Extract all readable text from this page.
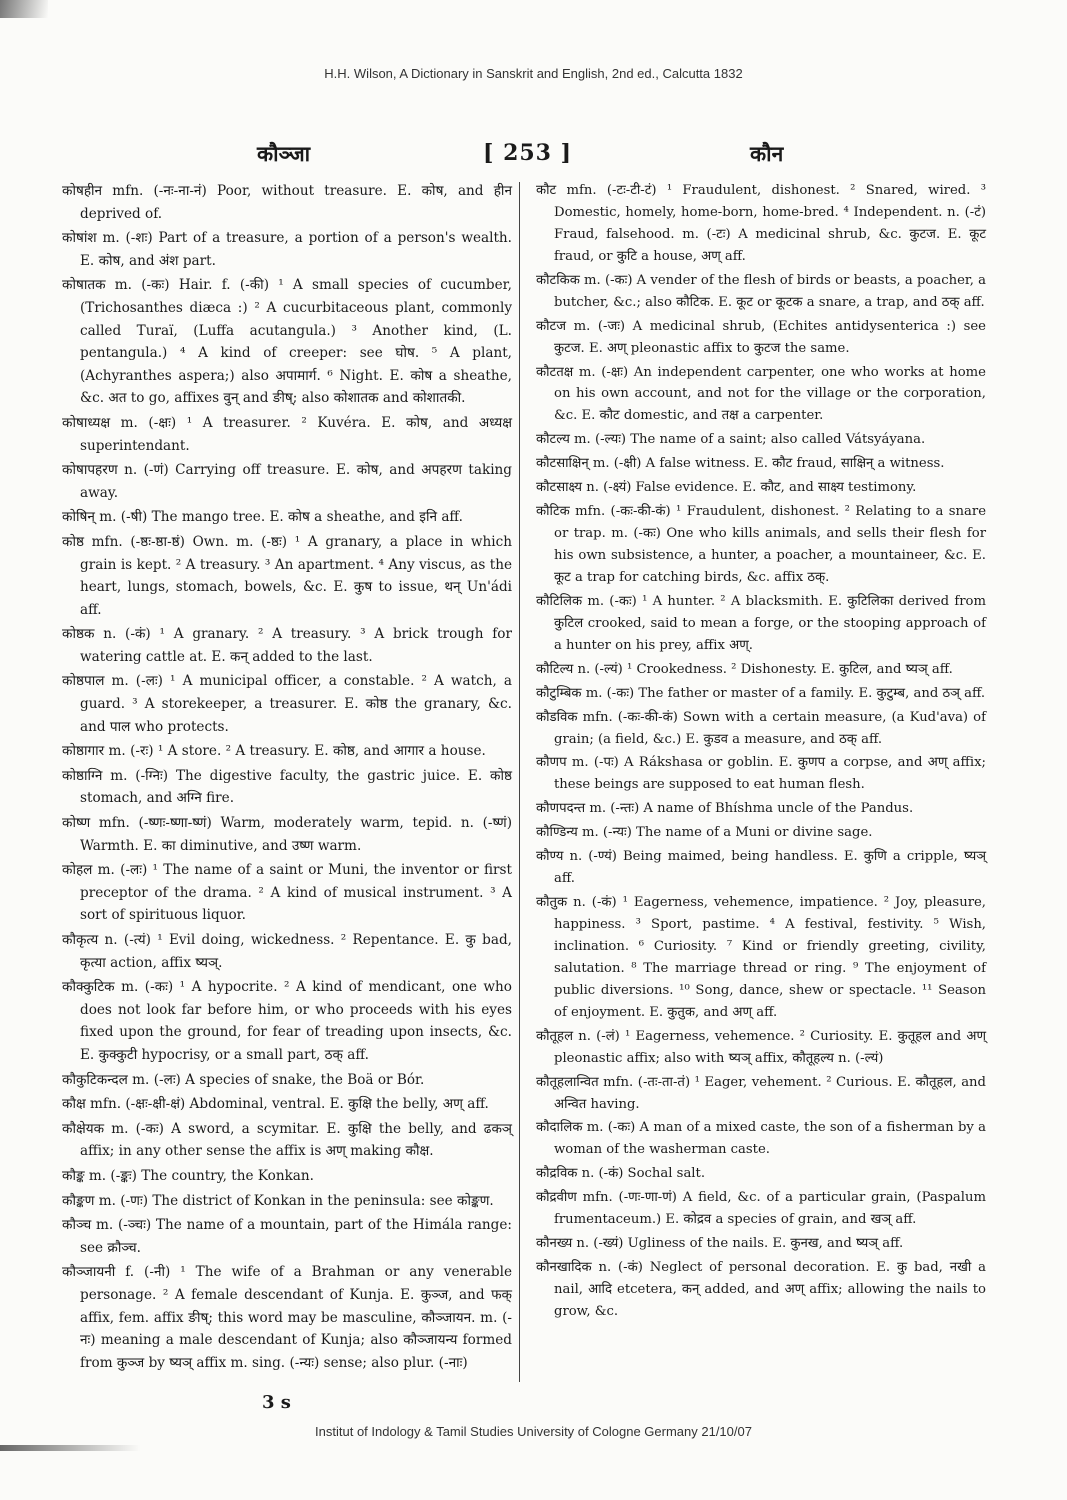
H.H. Wilson, A Dictionary in Sanskrit and English, 2nd ed., Calcutta 1832
कौञ्जा	[ 253 ]	कौन

कोषहीन mfn. (-नः-ना-नं) Poor, without treasure. E. कोष, and हीन deprived of.

कोषांश m. (-शः) Part of a treasure, a portion of a person's wealth. E. कोष, and अंश part.

कोषातक m. (-कः) Hair. f. (-की) ¹ A small species of cucumber, (Trichosanthes diæca :) ² A cucurbitaceous plant, commonly called Turaï, (Luffa acutangula.) ³ Another kind, (L. pentangula.) ⁴ A kind of creeper: see घोष. ⁵ A plant, (Achyranthes aspera;) also अपामार्ग. ⁶ Night. E. कोष a sheathe, &c. अत to go, affixes वुन् and ङीष्; also कोशातक and कोशातकी.

कोषाध्यक्ष m. (-क्षः) ¹ A treasurer. ² Kuvéra. E. कोष, and अध्यक्ष superintendant.

कोषापहरण n. (-णं) Carrying off treasure. E. कोष, and अपहरण taking away.

कोषिन् m. (-षी) The mango tree. E. कोष a sheathe, and इनि aff.

कोष्ठ mfn. (-ष्ठः-ष्ठा-ष्ठं) Own. m. (-ष्ठः) ¹ A granary, a place in which grain is kept. ² A treasury. ³ An apartment. ⁴ Any viscus, as the heart, lungs, stomach, bowels, &c. E. कुष to issue, थन् Un'ádi aff.

कोष्ठक n. (-कं) ¹ A granary. ² A treasury. ³ A brick trough for watering cattle at. E. कन् added to the last.

कोष्ठपाल m. (-लः) ¹ A municipal officer, a constable. ² A watch, a guard. ³ A storekeeper, a treasurer. E. कोष्ठ the granary, &c. and पाल who protects.

कोष्ठागार m. (-रः) ¹ A store. ² A treasury. E. कोष्ठ, and आगार a house.

कोष्ठाग्नि m. (-ग्निः) The digestive faculty, the gastric juice. E. कोष्ठ stomach, and अग्नि fire.

कोष्ण mfn. (-ष्णः-ष्णा-ष्णं) Warm, moderately warm, tepid. n. (-ष्णं) Warmth. E. का diminutive, and उष्ण warm.

कोहल m. (-लः) ¹ The name of a saint or Muni, the inventor or first preceptor of the drama. ² A kind of musical instrument. ³ A sort of spirituous liquor.

कौकृत्य n. (-त्यं) ¹ Evil doing, wickedness. ² Repentance. E. कु bad, कृत्या action, affix ष्यञ्.

कौक्कुटिक m. (-कः) ¹ A hypocrite. ² A kind of mendicant, one who does not look far before him, or who proceeds with his eyes fixed upon the ground, for fear of treading upon insects, &c. E. कुक्कुटी hypocrisy, or a small part, ठक् aff.

कौकुटिकन्दल m. (-लः) A species of snake, the Boä or Bór.

कौक्ष mfn. (-क्षः-क्षी-क्षं) Abdominal, ventral. E. कुक्षि the belly, अण् aff.

कौक्षेयक m. (-कः) A sword, a scymitar. E. कुक्षि the belly, and ढकञ् affix; in any other sense the affix is अण् making कौक्ष.

कौङ्क m. (-ङ्कः) The country, the Konkan.

कौङ्कण m. (-णः) The district of Konkan in the peninsula: see कोङ्कण.

कौञ्च m. (-ञ्चः) The name of a mountain, part of the Himála range: see क्रौञ्च.

कौञ्जायनी f. (-नी) ¹ The wife of a Brahman or any venerable personage. ² A female descendant of Kunja. E. कुञ्ज, and फक् affix, fem. affix ङीष्; this word may be masculine, कौञ्जायन. m. (-नः) meaning a male descendant of Kunja; also कौञ्जायन्य formed from कुञ्ज by ष्यञ् affix m. sing. (-न्यः) sense; also plur. (-नाः)

कौट mfn. (-टः-टी-टं) ¹ Fraudulent, dishonest. ² Snared, wired. ³ Domestic, homely, home-born, home-bred. ⁴ Independent. n. (-टं) Fraud, falsehood. m. (-टः) A medicinal shrub, &c. कुटज. E. कूट fraud, or कुटि a house, अण् aff.

कौटकिक m. (-कः) A vender of the flesh of birds or beasts, a poacher, a butcher, &c.; also कौटिक. E. कूट or कूटक a snare, a trap, and ठक् aff.

कौटज m. (-जः) A medicinal shrub, (Echites antidysenterica :) see कुटज. E. अण् pleonastic affix to कुटज the same.

कौटतक्ष m. (-क्षः) An independent carpenter, one who works at home on his own account, and not for the village or the corporation, &c. E. कौट domestic, and तक्ष a carpenter.

कौटल्य m. (-ल्यः) The name of a saint; also called Vátsyáyana.

कौटसाक्षिन् m. (-क्षी) A false witness. E. कौट fraud, साक्षिन् a witness.

कौटसाक्ष्य n. (-क्ष्यं) False evidence. E. कौट, and साक्ष्य testimony.

कौटिक mfn. (-कः-की-कं) ¹ Fraudulent, dishonest. ² Relating to a snare or trap. m. (-कः) One who kills animals, and sells their flesh for his own subsistence, a hunter, a poacher, a mountaineer, &c. E. कूट a trap for catching birds, &c. affix ठक्.

कौटिलिक m. (-कः) ¹ A hunter. ² A blacksmith. E. कुटिलिका derived from कुटिल crooked, said to mean a forge, or the stooping approach of a hunter on his prey, affix अण्.

कौटिल्य n. (-ल्यं) ¹ Crookedness. ² Dishonesty. E. कुटिल, and ष्यञ् aff.

कौटुम्बिक m. (-कः) The father or master of a family. E. कुटुम्ब, and ठञ् aff.

कौडविक mfn. (-कः-की-कं) Sown with a certain measure, (a Kud'ava) of grain; (a field, &c.) E. कुडव a measure, and ठक् aff.

कौणप m. (-पः) A Rákshasa or goblin. E. कुणप a corpse, and अण् affix; these beings are supposed to eat human flesh.

कौणपदन्त m. (-न्तः) A name of Bhíshma uncle of the Pandus.

कौण्डिन्य m. (-न्यः) The name of a Muni or divine sage.

कौण्य n. (-ण्यं) Being maimed, being handless. E. कुणि a cripple, ष्यञ् aff.

कौतुक n. (-कं) ¹ Eagerness, vehemence, impatience. ² Joy, pleasure, happiness. ³ Sport, pastime. ⁴ A festival, festivity. ⁵ Wish, inclination. ⁶ Curiosity. ⁷ Kind or friendly greeting, civility, salutation. ⁸ The marriage thread or ring. ⁹ The enjoyment of public diversions. ¹⁰ Song, dance, shew or spectacle. ¹¹ Season of enjoyment. E. कुतुक, and अण् aff.

कौतूहल n. (-लं) ¹ Eagerness, vehemence. ² Curiosity. E. कुतूहल and अण् pleonastic affix; also with ष्यञ् affix, कौतूहल्य n. (-ल्यं)

कौतूहलान्वित mfn. (-तः-ता-तं) ¹ Eager, vehement. ² Curious. E. कौतूहल, and अन्वित having.

कौदालिक m. (-कः) A man of a mixed caste, the son of a fisherman by a woman of the washerman caste.

कौद्रविक n. (-कं) Sochal salt.

कौद्रवीण mfn. (-णः-णा-णं) A field, &c. of a particular grain, (Paspalum frumentaceum.) E. कोद्रव a species of grain, and खञ् aff.

कौनख्य n. (-ख्यं) Ugliness of the nails. E. कुनख, and ष्यञ् aff.

कौनखादिक n. (-कं) Neglect of personal decoration. E. कु bad, नखी a nail, आदि etcetera, कन् added, and अण् affix; allowing the nails to grow, &c.

3 s
Institut of Indology & Tamil Studies University of Cologne Germany 21/10/07
